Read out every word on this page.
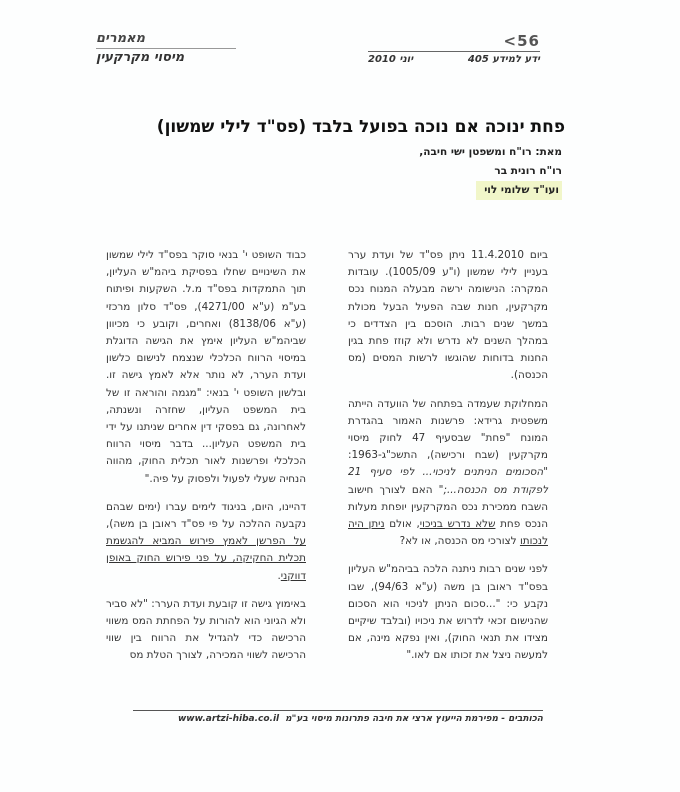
56>
ידע למידע 405
יוני 2010
מאמרים
מיסוי מקרקעין
פחת ינוכה אם נוכה בפועל בלבד (פס"ד לילי שמשון)
מאת: רו"ח ומשפטן ישי חיבה,
רו"ח רונית בר
ועו"ד שלומי לוי

ביום 11.4.2010 ניתן פס"ד של ועדת ערר בעניין לילי שמשון (ו"ע 1005/09). עובדות המקרה: הנישומה ירשה מבעלה המנוח נכס מקרקעין, חנות שבה הפעיל הבעל מכולת במשך שנים רבות. הוסכם בין הצדדים כי במהלך השנים לא נדרש ולא קוזז פחת בגין החנות בדוחות שהוגשו לרשות המסים (מס הכנסה).

המחלוקת שעמדה בפתחה של הוועדה הייתה משפטית גרידא: פרשנות האמור בהגדרת המונח "פחת" שבסעיף 47 לחוק מיסוי מקרקעין (שבח ורכישה), התשכ"ג-1963: "הסכומים הניתנים לניכוי... לפי סעיף 21 לפקודת מס הכנסה...;" האם לצורך חישוב השבח ממכירת נכס המקרקעין יופחת מעלות הנכס פחת שלא נדרש בניכוי, אולם ניתן היה לנכותו לצורכי מס הכנסה, או לא?

לפני שנים רבות ניתנה הלכה בביהמ"ש העליון בפס"ד ראובן בן משה (ע"א 94/63), שבו נקבע כי: "...סכום הניתן לניכוי הוא הסכום שהנישום זכאי לדרוש את ניכויו (ובלבד שיקיים מצידו את תנאי החוק), ואין נפקא מינה, אם למעשה ניצל את זכותו אם לאו."

כבוד השופט י' בנאי סוקר בפס"ד לילי שמשון את השינויים שחלו בפסיקת ביהמ"ש העליון, תוך התמקדות בפס"ד מ.ל. השקעות ופיתוח בע"מ (ע"א 4271/00), פס"ד סלון מרכזי (ע"א 8138/06) ואחרים, וקובע כי מכיוון שביהמ"ש העליון אימץ את הגישה הדוגלת במיסוי הרווח הכלכלי שנצמח לנישום כלשון ועדת הערר, לא נותר אלא לאמץ גישה זו. ובלשון השופט י' בנאי: "מגמה והוראה זו של בית המשפט העליון, שחזרה ונשנתה, לאחרונה, גם בפסקי דין אחרים שניתנו על ידי בית המשפט העליון... בדבר מיסוי הרווח הכלכלי ופרשנות לאור תכלית החוק, מהווה הנחיה שעלי לפעול ולפסוק על פיה."

דהיינו, היום, בניגוד לימים עברו (ימים שבהם נקבעה ההלכה על פי פס"ד ראובן בן משה), על הפרשן לאמץ פירוש המביא להגשמת תכלית החקיקה, על פני פירוש החוק באופן דווקני.

באימוץ גישה זו קובעת ועדת הערר: "לא סביר ולא הגיוני הוא להורות על הפחתת המס משווי הרכישה כדי להגדיל את הרווח בין שווי הרכישה לשווי המכירה, לצורך הטלת מס

הכותבים - מפירמת הייעוץ ארצי את חיבה פתרונות מיסוי בע"מ
www.artzi-hiba.co.il
